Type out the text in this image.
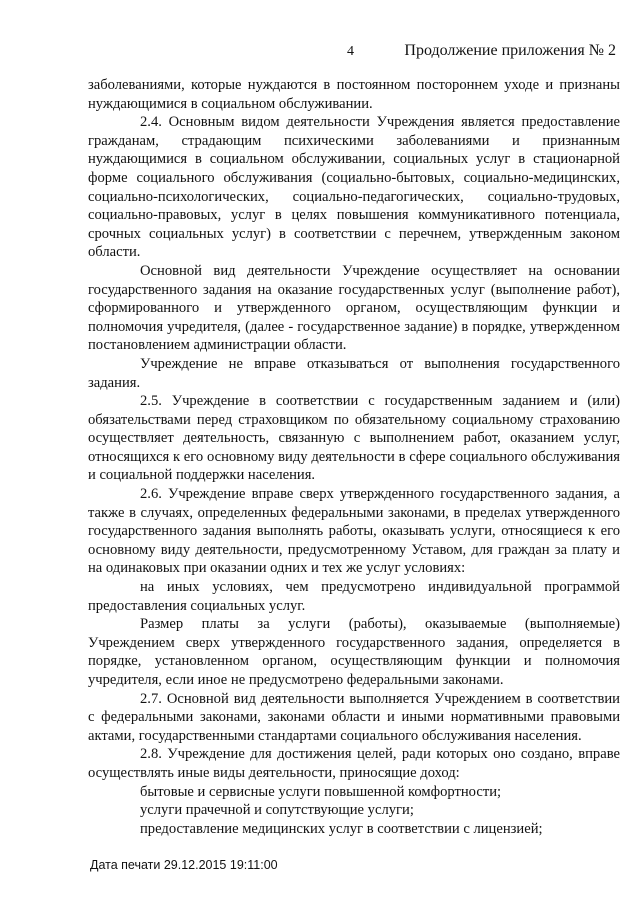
4	Продолжение приложения № 2

заболеваниями, которые нуждаются в постоянном постороннем уходе и признаны нуждающимися в социальном обслуживании.

2.4. Основным видом деятельности Учреждения является предоставление гражданам, страдающим психическими заболеваниями и признанным нуждающимися в социальном обслуживании, социальных услуг в стационарной форме социального обслуживания (социально-бытовых, социально-медицинских, социально-психологических, социально-педагогических, социально-трудовых, социально-правовых, услуг в целях повышения коммуникативного потенциала, срочных социальных услуг) в соответствии с перечнем, утвержденным законом области.

Основной вид деятельности Учреждение осуществляет на основании государственного задания на оказание государственных услуг (выполнение работ), сформированного и утвержденного органом, осуществляющим функции и полномочия учредителя, (далее - государственное задание) в порядке, утвержденном постановлением администрации области.

Учреждение не вправе отказываться от выполнения государственного задания.

2.5. Учреждение в соответствии с государственным заданием и (или) обязательствами перед страховщиком по обязательному социальному страхованию осуществляет деятельность, связанную с выполнением работ, оказанием услуг, относящихся к его основному виду деятельности в сфере социального обслуживания и социальной поддержки населения.

2.6. Учреждение вправе сверх утвержденного государственного задания, а также в случаях, определенных федеральными законами, в пределах утвержденного государственного задания выполнять работы, оказывать услуги, относящиеся к его основному виду деятельности, предусмотренному Уставом, для граждан за плату и на одинаковых при оказании одних и тех же услуг условиях:

на иных условиях, чем предусмотрено индивидуальной программой предоставления социальных услуг.

Размер платы за услуги (работы), оказываемые (выполняемые) Учреждением сверх утвержденного государственного задания, определяется в порядке, установленном органом, осуществляющим функции и полномочия учредителя, если иное не предусмотрено федеральными законами.

2.7. Основной вид деятельности выполняется Учреждением в соответствии с федеральными законами, законами области и иными нормативными правовыми актами, государственными стандартами социального обслуживания населения.

2.8. Учреждение для достижения целей, ради которых оно создано, вправе осуществлять иные виды деятельности, приносящие доход:

бытовые и сервисные услуги повышенной комфортности;

услуги прачечной и сопутствующие услуги;

предоставление медицинских услуг в соответствии с лицензией;

Дата печати 29.12.2015 19:11:00
